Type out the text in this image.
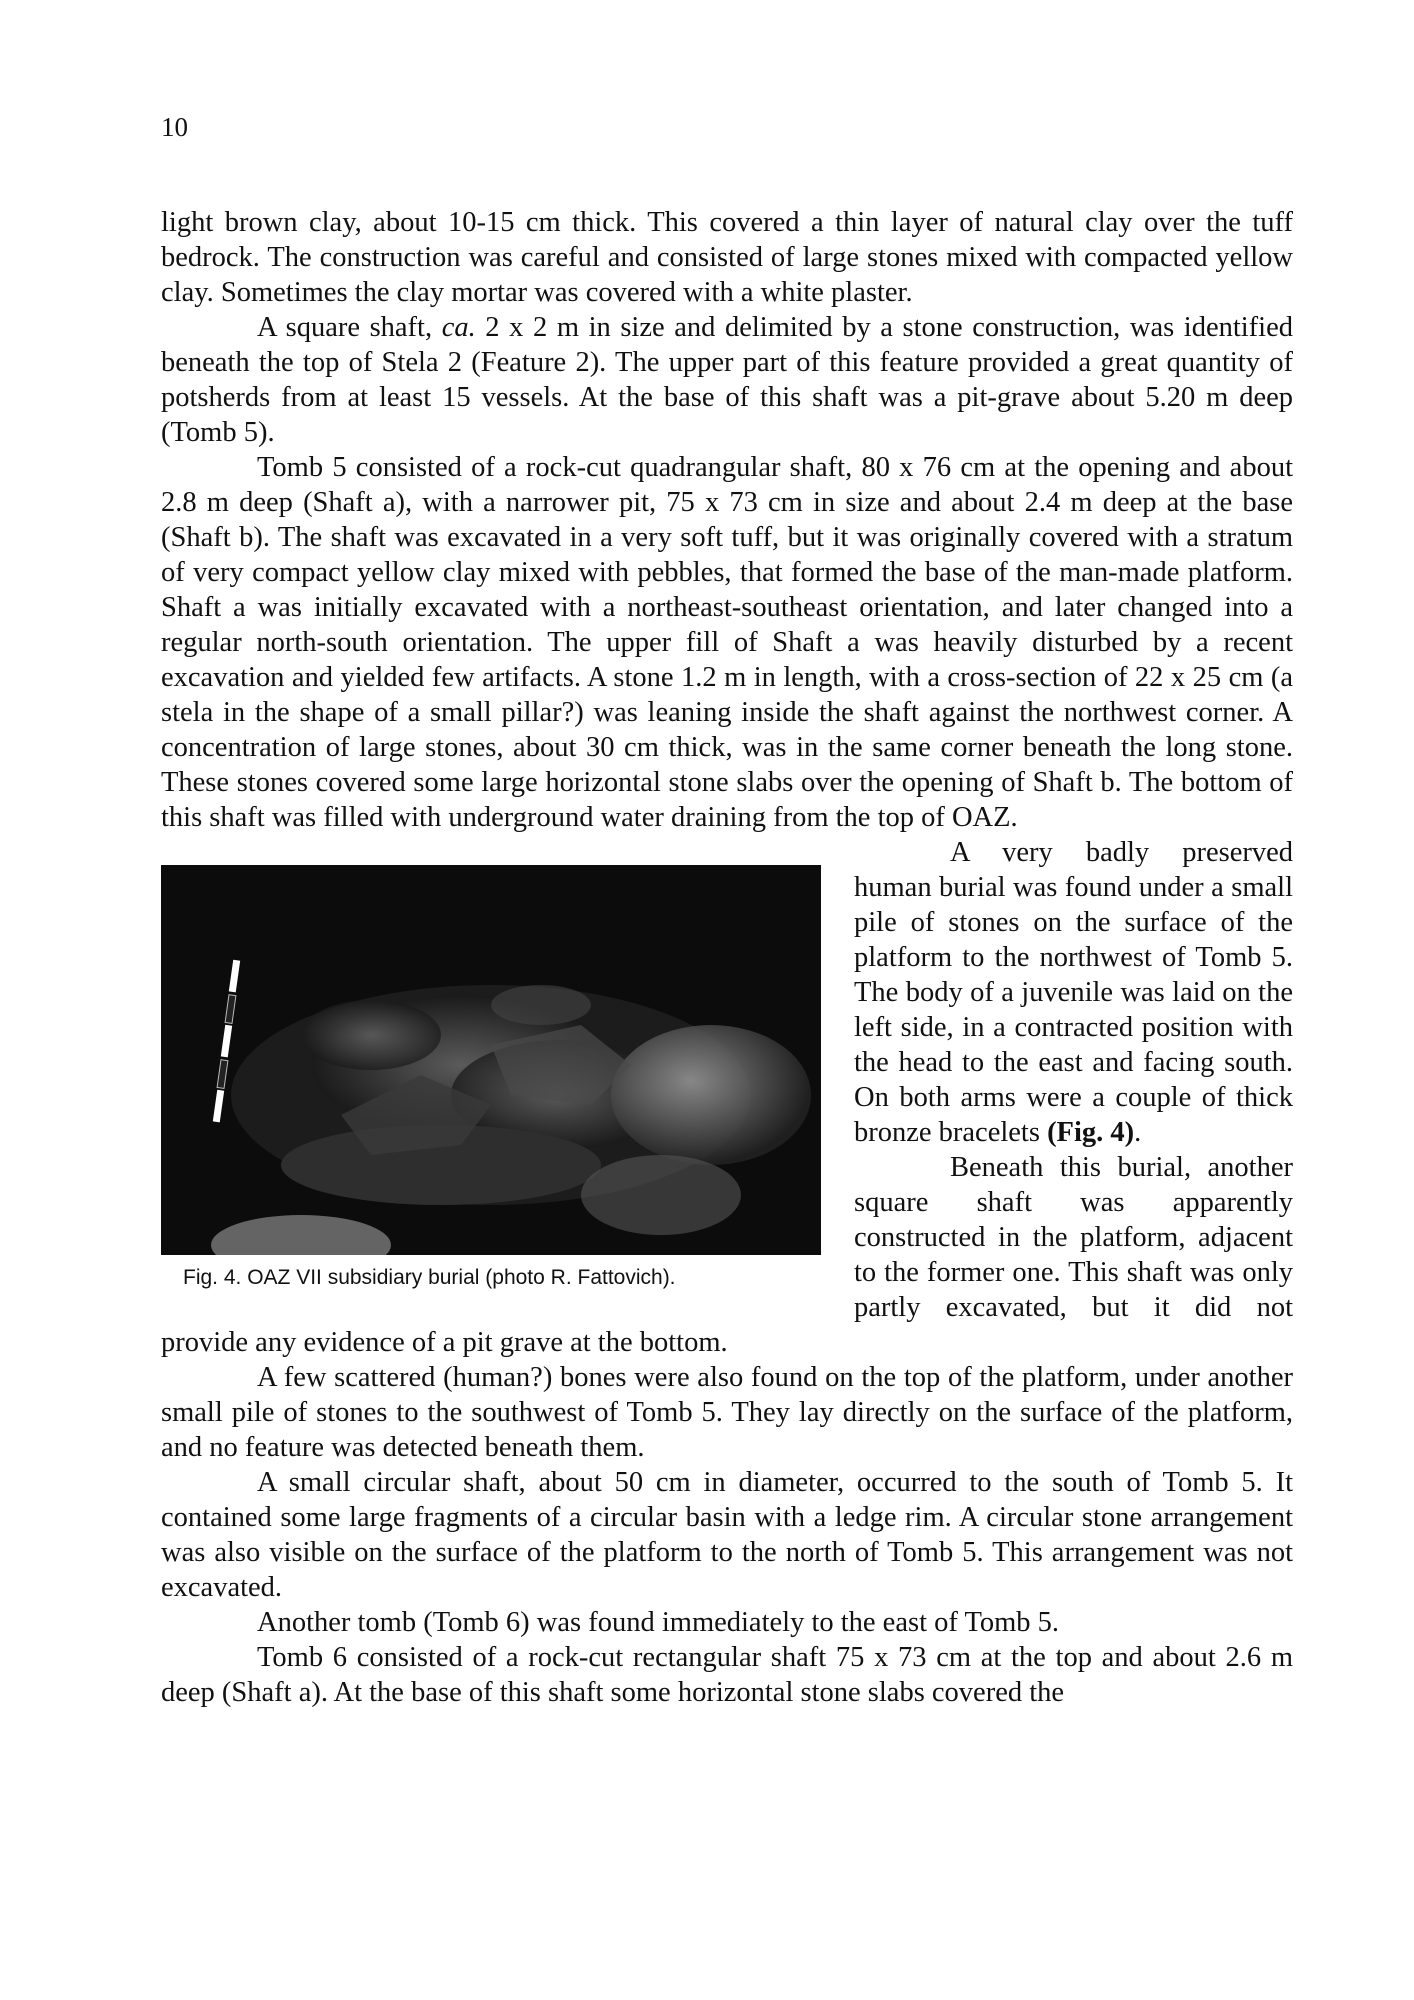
10

light brown clay, about 10-15 cm thick. This covered a thin layer of natural clay over the tuff bedrock. The construction was careful and consisted of large stones mixed with compacted yellow clay. Sometimes the clay mortar was covered with a white plaster.

A square shaft, ca. 2 x 2 m in size and delimited by a stone construction, was identified beneath the top of Stela 2 (Feature 2). The upper part of this feature provided a great quantity of potsherds from at least 15 vessels. At the base of this shaft was a pit-grave about 5.20 m deep (Tomb 5).

Tomb 5 consisted of a rock-cut quadrangular shaft, 80 x 76 cm at the opening and about 2.8 m deep (Shaft a), with a narrower pit, 75 x 73 cm in size and about 2.4 m deep at the base (Shaft b). The shaft was excavated in a very soft tuff, but it was originally covered with a stratum of very compact yellow clay mixed with pebbles, that formed the base of the man-made platform. Shaft a was initially excavated with a northeast-southeast orientation, and later changed into a regular north-south orientation. The upper fill of Shaft a was heavily disturbed by a recent excavation and yielded few artifacts. A stone 1.2 m in length, with a cross-section of 22 x 25 cm (a stela in the shape of a small pillar?) was leaning inside the shaft against the northwest corner. A concentration of large stones, about 30 cm thick, was in the same corner beneath the long stone. These stones covered some large horizontal stone slabs over the opening of Shaft b. The bottom of this shaft was filled with underground water draining from the top of OAZ.

Fig. 4. OAZ VII subsidiary burial (photo R. Fattovich).

A very badly preserved human burial was found under a small pile of stones on the surface of the platform to the northwest of Tomb 5. The body of a juvenile was laid on the left side, in a contracted position with the head to the east and facing south. On both arms were a couple of thick bronze bracelets (Fig. 4).

Beneath this burial, another square shaft was apparently constructed in the platform, adjacent to the former one. This shaft was only partly excavated, but it did not provide any evidence of a pit grave at the bottom.

A few scattered (human?) bones were also found on the top of the platform, under another small pile of stones to the southwest of Tomb 5. They lay directly on the surface of the platform, and no feature was detected beneath them.

A small circular shaft, about 50 cm in diameter, occurred to the south of Tomb 5. It contained some large fragments of a circular basin with a ledge rim. A circular stone arrangement was also visible on the surface of the platform to the north of Tomb 5. This arrangement was not excavated.

Another tomb (Tomb 6) was found immediately to the east of Tomb 5.

Tomb 6 consisted of a rock-cut rectangular shaft 75 x 73 cm at the top and about 2.6 m deep (Shaft a). At the base of this shaft some horizontal stone slabs covered the
